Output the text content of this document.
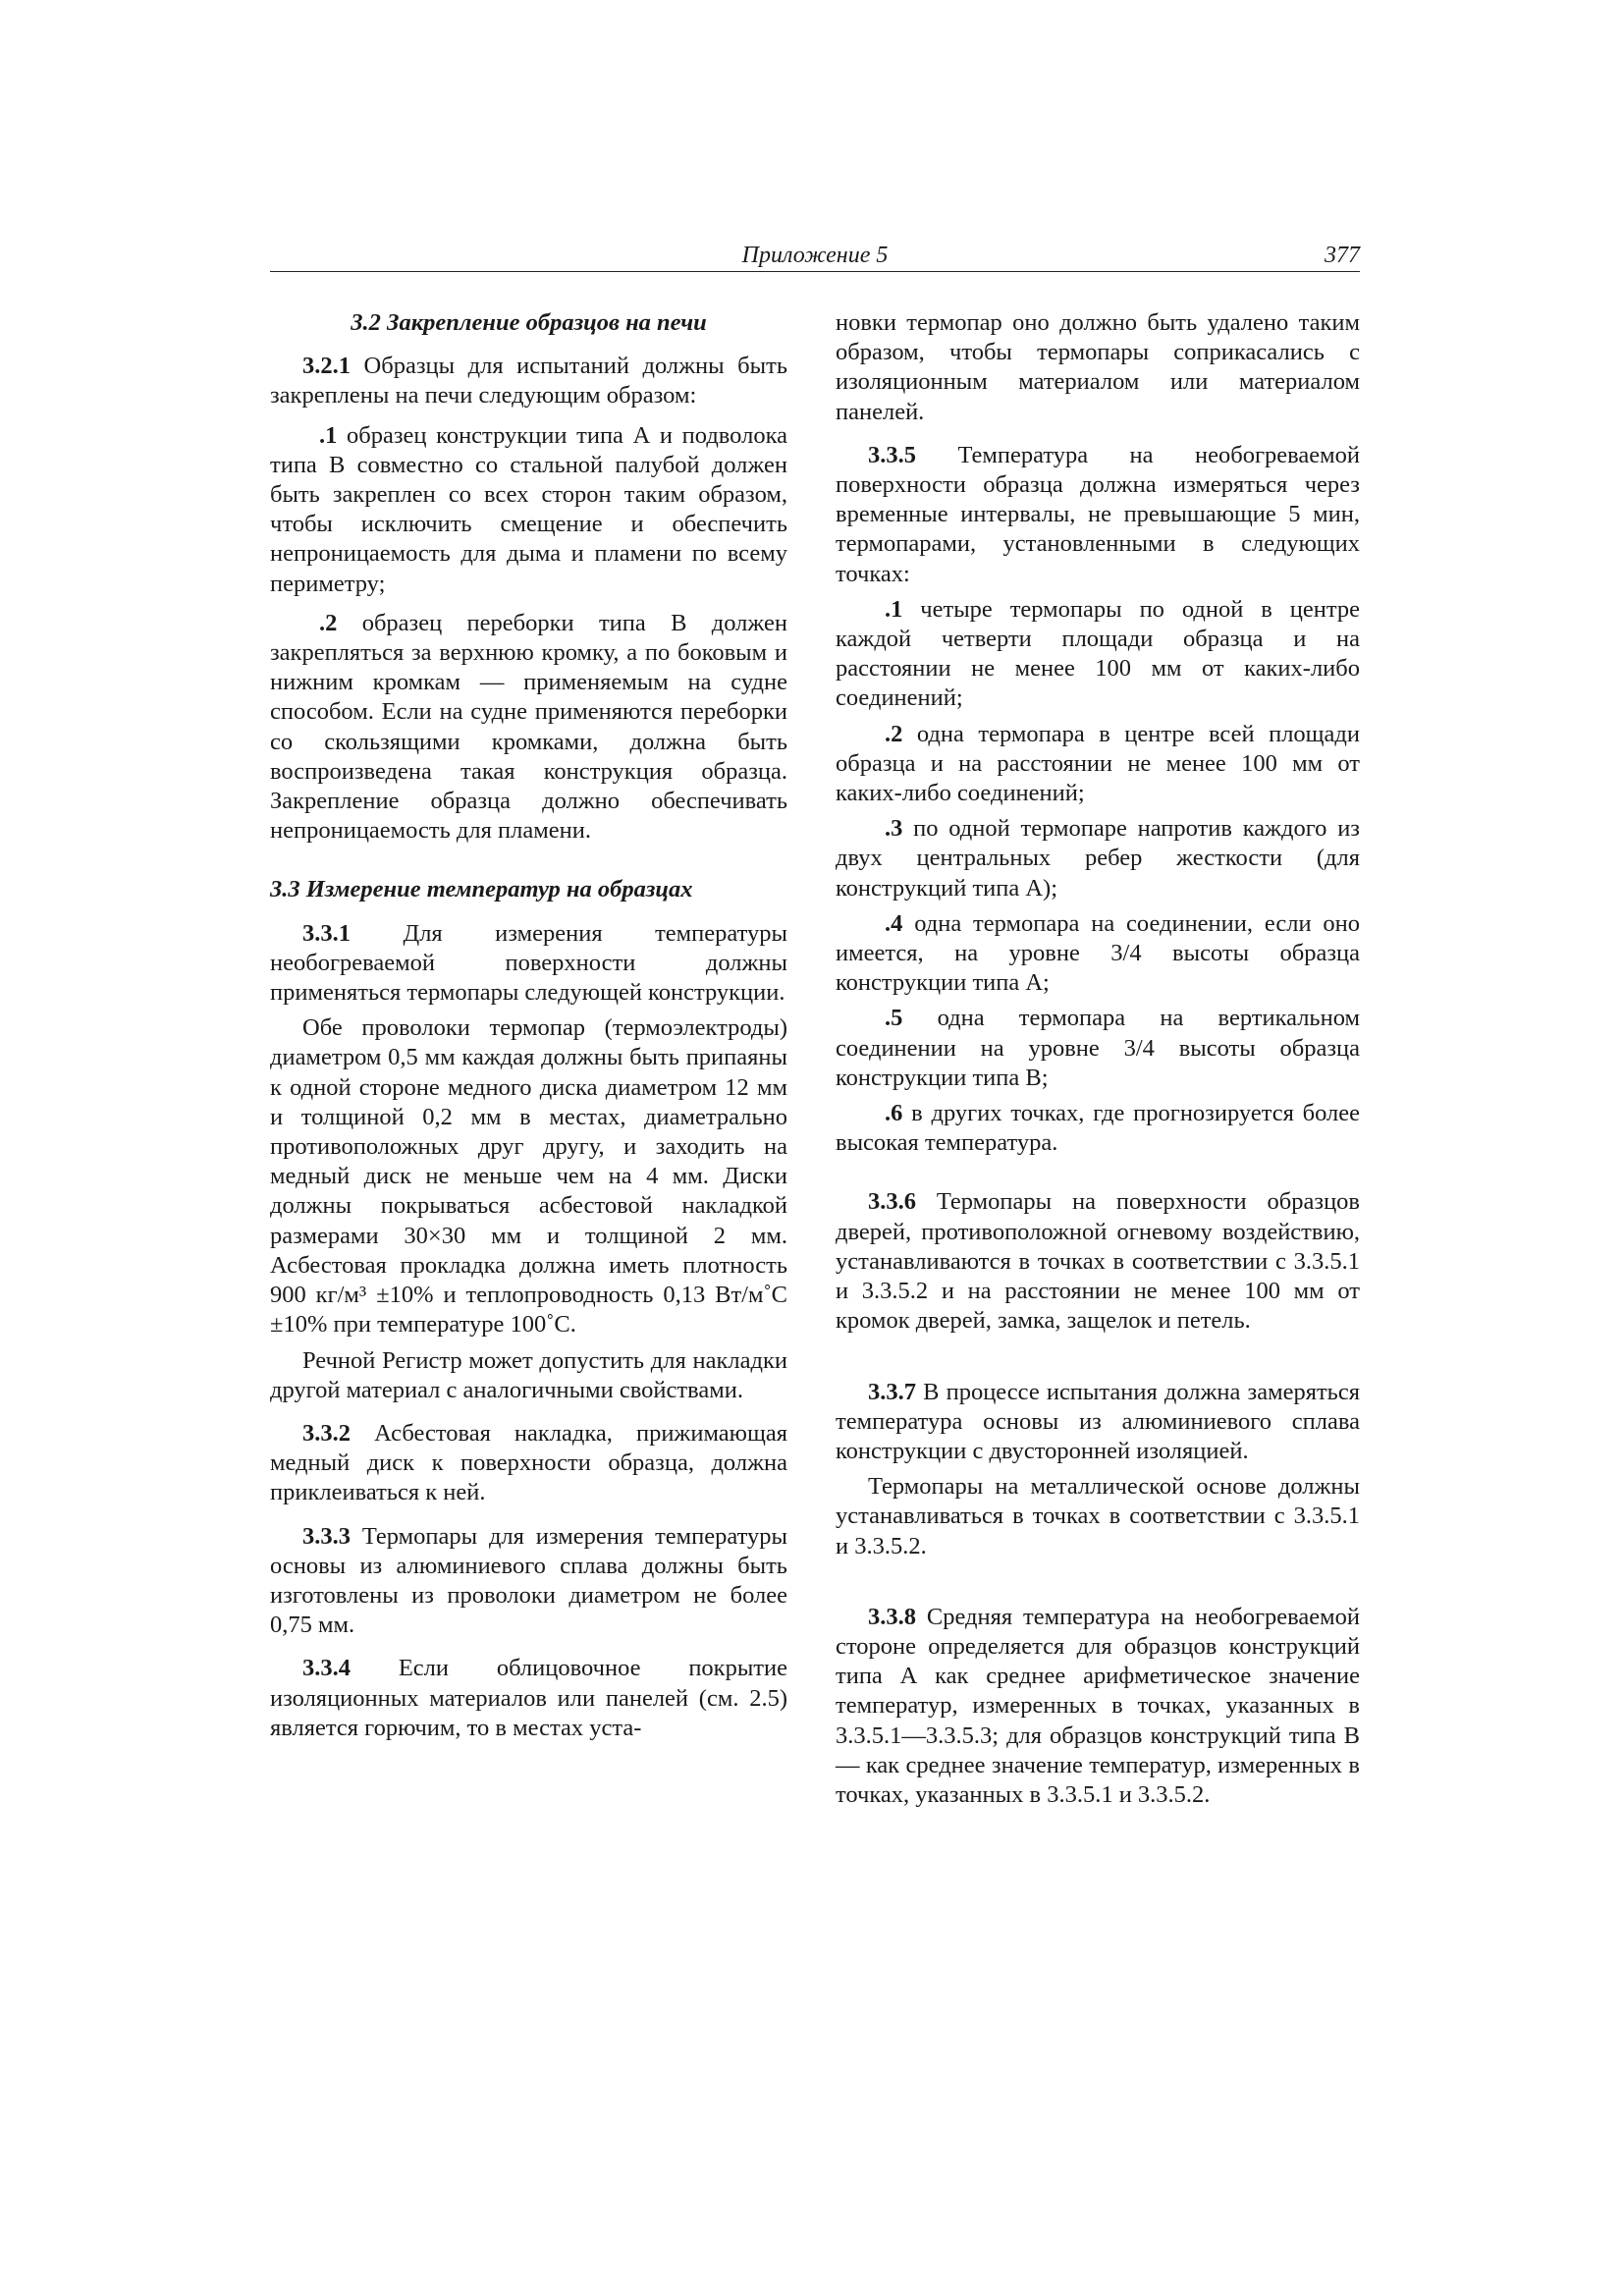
Приложение 5	377

3.2 Закрепление образцов на печи

3.2.1 Образцы для испытаний должны быть закреплены на печи следующим образом:

.1 образец конструкции типа А и подволока типа В совместно со стальной палубой должен быть закреплен со всех сторон таким образом, чтобы исключить смещение и обеспечить непроницаемость для дыма и пламени по всему периметру;

.2 образец переборки типа В должен закрепляться за верхнюю кромку, а по боковым и нижним кромкам — применяемым на судне способом. Если на судне применяются переборки со скользящими кромками, должна быть воспроизведена такая конструкция образца. Закрепление образца должно обеспечивать непроницаемость для пламени.

3.3 Измерение температур на образцах

3.3.1 Для измерения температуры необогреваемой поверхности должны применяться термопары следующей конструкции.

Обе проволоки термопар (термоэлектроды) диаметром 0,5 мм каждая должны быть припаяны к одной стороне медного диска диаметром 12 мм и толщиной 0,2 мм в местах, диаметрально противоположных друг другу, и заходить на медный диск не меньше чем на 4 мм. Диски должны покрываться асбестовой накладкой размерами 30×30 мм и толщиной 2 мм. Асбестовая прокладка должна иметь плотность 900 кг/м³ ±10% и теплопроводность 0,13 Вт/м˚С ±10% при температуре 100˚С.

Речной Регистр может допустить для накладки другой материал с аналогичными свойствами.

3.3.2 Асбестовая накладка, прижимающая медный диск к поверхности образца, должна приклеиваться к ней.

3.3.3 Термопары для измерения температуры основы из алюминиевого сплава должны быть изготовлены из проволоки диаметром не более 0,75 мм.

3.3.4 Если облицовочное покрытие изоляционных материалов или панелей (см. 2.5) является горючим, то в местах уста-

новки термопар оно должно быть удалено таким образом, чтобы термопары соприкасались с изоляционным материалом или материалом панелей.

3.3.5 Температура на необогреваемой поверхности образца должна измеряться через временные интервалы, не превышающие 5 мин, термопарами, установленными в следующих точках:

.1 четыре термопары по одной в центре каждой четверти площади образца и на расстоянии не менее 100 мм от каких-либо соединений;

.2 одна термопара в центре всей площади образца и на расстоянии не менее 100 мм от каких-либо соединений;

.3 по одной термопаре напротив каждого из двух центральных ребер жесткости (для конструкций типа А);

.4 одна термопара на соединении, если оно имеется, на уровне 3/4 высоты образца конструкции типа А;

.5 одна термопара на вертикальном соединении на уровне 3/4 высоты образца конструкции типа В;

.6 в других точках, где прогнозируется более высокая температура.

3.3.6 Термопары на поверхности образцов дверей, противоположной огневому воздействию, устанавливаются в точках в соответствии с 3.3.5.1 и 3.3.5.2 и на расстоянии не менее 100 мм от кромок дверей, замка, защелок и петель.

3.3.7 В процессе испытания должна замеряться температура основы из алюминиевого сплава конструкции с двусторонней изоляцией.

Термопары на металлической основе должны устанавливаться в точках в соответствии с 3.3.5.1 и 3.3.5.2.

3.3.8 Средняя температура на необогреваемой стороне определяется для образцов конструкций типа А как среднее арифметическое значение температур, измеренных в точках, указанных в 3.3.5.1—3.3.5.3; для образцов конструкций типа В — как среднее значение температур, измеренных в точках, указанных в 3.3.5.1 и 3.3.5.2.
